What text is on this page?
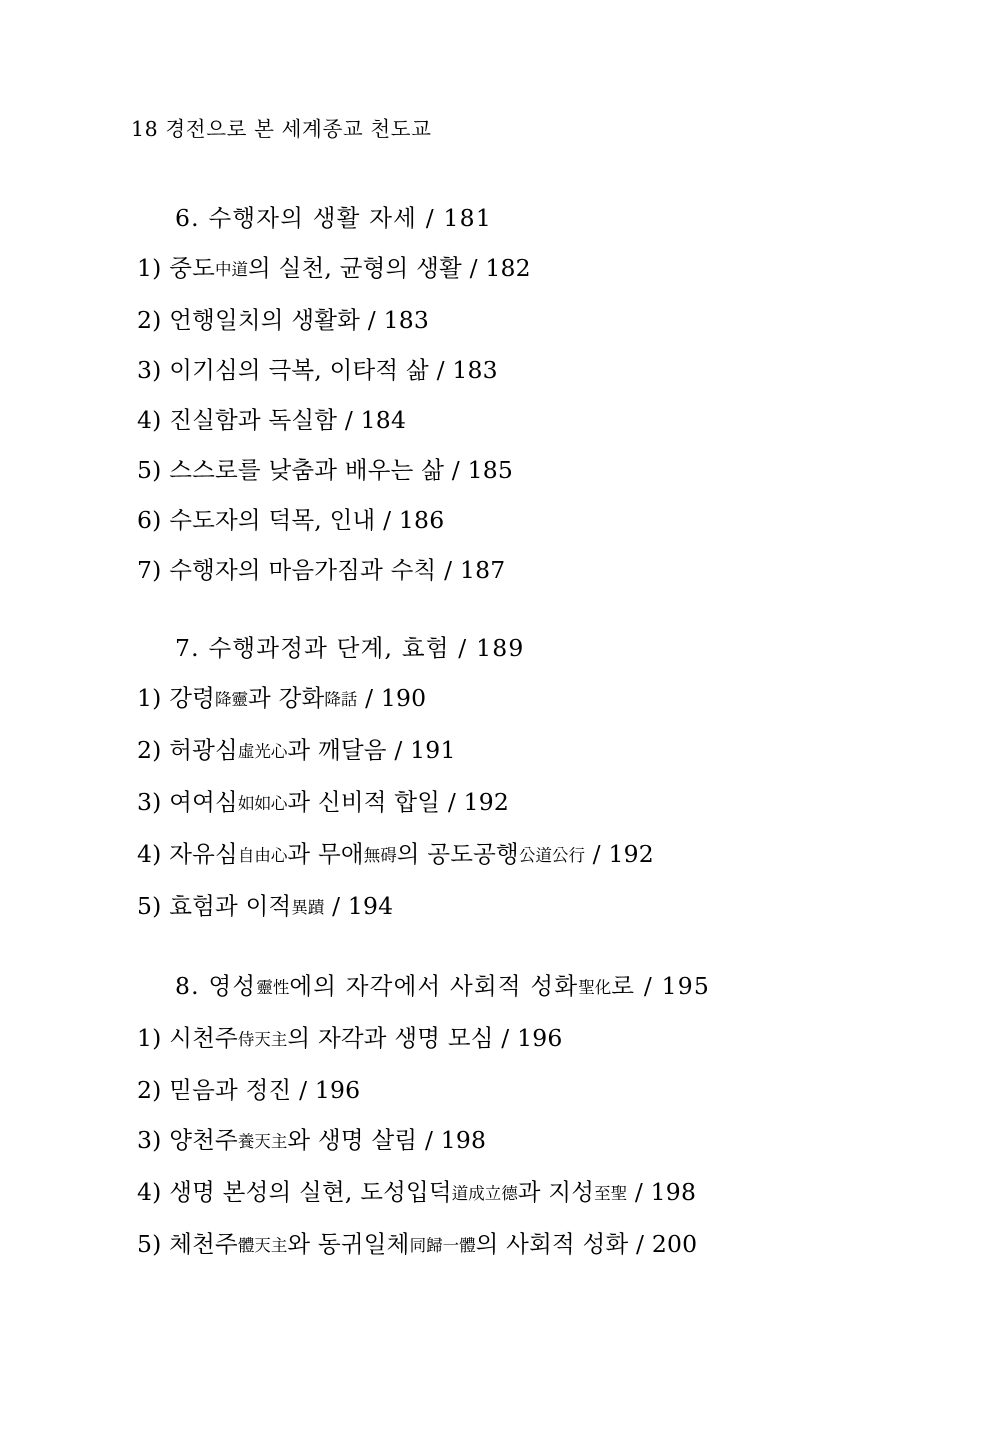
18 경전으로 본 세계종교 천도교
6. 수행자의 생활 자세 / 181
1) 중도中道의 실천, 균형의 생활 / 182
2) 언행일치의 생활화 / 183
3) 이기심의 극복, 이타적 삶 / 183
4) 진실함과 독실함 / 184
5) 스스로를 낮춤과 배우는 삶 / 185
6) 수도자의 덕목, 인내 / 186
7) 수행자의 마음가짐과 수칙 / 187
7. 수행과정과 단계, 효험 / 189
1) 강령降靈과 강화降話 / 190
2) 허광심虛光心과 깨달음 / 191
3) 여여심如如心과 신비적 합일 / 192
4) 자유심自由心과 무애無碍의 공도공행公道公行 / 192
5) 효험과 이적異蹟 / 194
8. 영성靈性에의 자각에서 사회적 성화聖化로 / 195
1) 시천주侍天主의 자각과 생명 모심 / 196
2) 믿음과 정진 / 196
3) 양천주養天主와 생명 살림 / 198
4) 생명 본성의 실현, 도성입덕道成立德과 지성至聖 / 198
5) 체천주體天主와 동귀일체同歸一體의 사회적 성화 / 200
